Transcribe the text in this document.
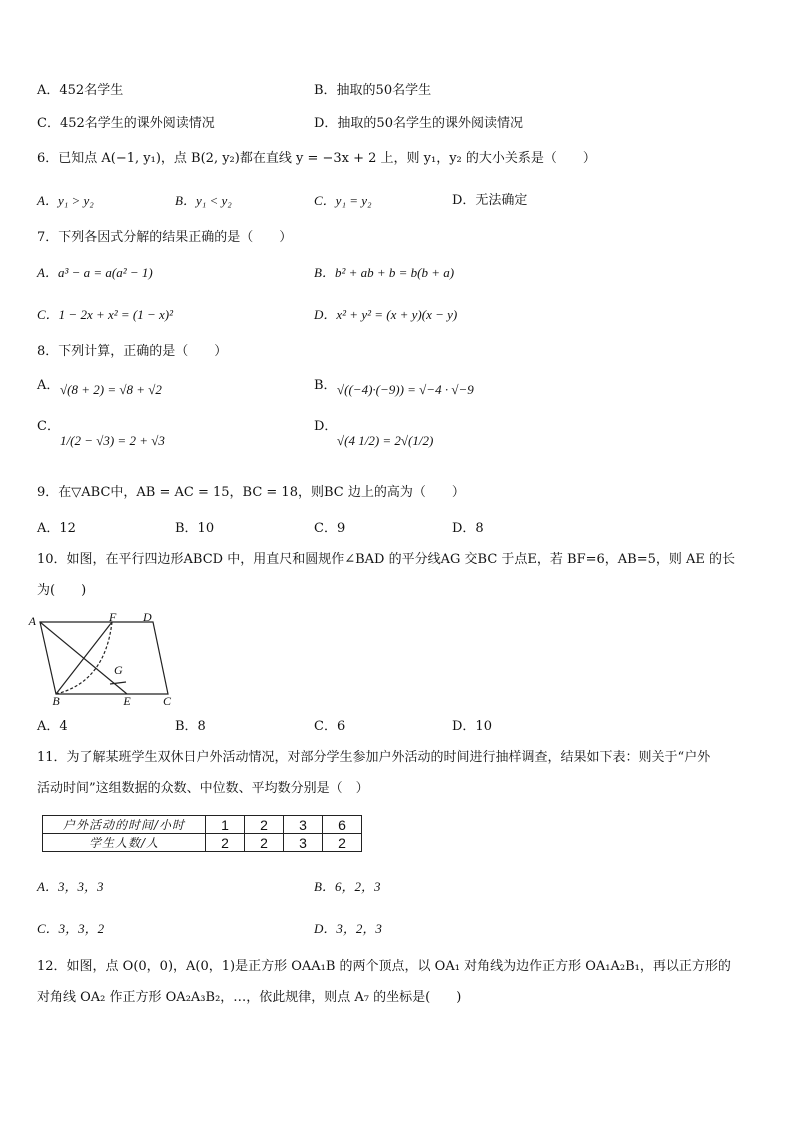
A．452名学生	B．抽取的50名学生
C．452名学生的课外阅读情况	D．抽取的50名学生的课外阅读情况
6．已知点 A(−1, y₁)，点 B(2, y₂)都在直线 y = −3x + 2 上，则 y₁，y₂ 的大小关系是（　　）
A．y₁ > y₂	B．y₁ < y₂	C．y₁ = y₂	D．无法确定
7．下列各因式分解的结果正确的是（　　）
A．a³ − a = a(a² − 1)	B．b² + ab + b = b(b + a)
C．1 − 2x + x² = (1 − x)²	D．x² + y² = (x + y)(x − y)
8．下列计算，正确的是（　　）
A． √(8 + 2) = √8 + √2	B． √((−4)·(−9)) = √−4 · √−9
C．
1/(2 − √3) = 2 + √3
D．
√(4 1/2) = 2√(1/2)
9．在▽ABC中，AB = AC = 15，BC = 18，则BC 边上的高为（　　）
A．12	B．10	C．9	D．8
10．如图，在平行四边形ABCD 中，用直尺和圆规作∠BAD 的平分线AG 交BC 于点E，若 BF=6，AB=5，则 AE 的长
为(　　)
A	F D
G
B	E	C
A．4	B．8	C．6	D．10
11．为了解某班学生双休日户外活动情况，对部分学生参加户外活动的时间进行抽样调查，结果如下表：则关于“户外
活动时间”这组数据的众数、中位数、平均数分别是（　）
户外活动的时间/小时	1	2	3	6
学生人数/人	2	2	3	2
A．3，3，3	B．6，2，3
C．3，3，2	D．3，2，3
12．如图，点 O(0，0)，A(0，1)是正方形 OAA₁B 的两个顶点，以 OA₁ 对角线为边作正方形 OA₁A₂B₁，再以正方形的
对角线 OA₂ 作正方形 OA₂A₃B₂，…，依此规律，则点 A₇ 的坐标是(　　)
